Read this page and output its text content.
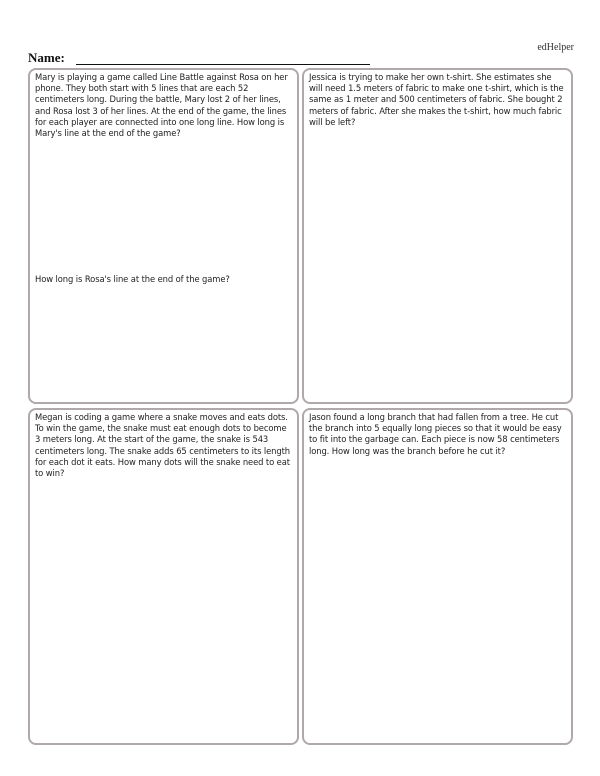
edHelper
Name:
Mary is playing a game called Line Battle against Rosa on her phone. They both start with 5 lines that are each 52 centimeters long. During the battle, Mary lost 2 of her lines, and Rosa lost 3 of her lines. At the end of the game, the lines for each player are connected into one long line. How long is Mary's line at the end of the game?
How long is Rosa's line at the end of the game?
Jessica is trying to make her own t-shirt. She estimates she will need 1.5 meters of fabric to make one t-shirt, which is the same as 1 meter and 500 centimeters of fabric. She bought 2 meters of fabric. After she makes the t-shirt, how much fabric will be left?
Megan is coding a game where a snake moves and eats dots. To win the game, the snake must eat enough dots to become 3 meters long. At the start of the game, the snake is 543 centimeters long. The snake adds 65 centimeters to its length for each dot it eats. How many dots will the snake need to eat to win?
Jason found a long branch that had fallen from a tree. He cut the branch into 5 equally long pieces so that it would be easy to fit into the garbage can. Each piece is now 58 centimeters long. How long was the branch before he cut it?
